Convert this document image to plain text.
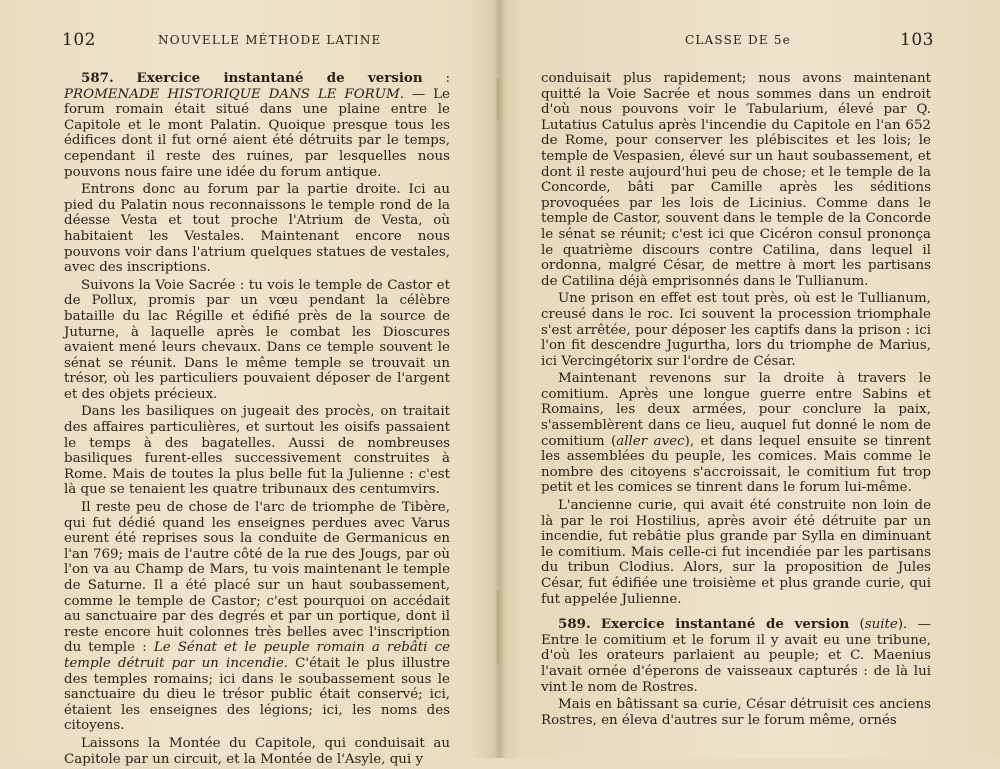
102	NOUVELLE MÉTHODE LATINE

587. Exercice instantané de version : PROMENADE HISTORIQUE DANS LE FORUM. — Le forum romain était situé dans une plaine entre le Capitole et le mont Palatin. Quoique presque tous les édifices dont il fut orné aient été détruits par le temps, cependant il reste des ruines, par lesquelles nous pouvons nous faire une idée du forum antique.

Entrons donc au forum par la partie droite. Ici au pied du Palatin nous reconnaissons le temple rond de la déesse Vesta et tout proche l'Atrium de Vesta, où habitaient les Vestales. Maintenant encore nous pouvons voir dans l'atrium quelques statues de vestales, avec des inscriptions.

Suivons la Voie Sacrée : tu vois le temple de Castor et de Pollux, promis par un vœu pendant la célèbre bataille du lac Régille et édifié près de la source de Juturne, à laquelle après le combat les Dioscures avaient mené leurs chevaux. Dans ce temple souvent le sénat se réunit. Dans le même temple se trouvait un trésor, où les particuliers pouvaient déposer de l'argent et des objets précieux.

Dans les basiliques on jugeait des procès, on traitait des affaires particulières, et surtout les oisifs passaient le temps à des bagatelles. Aussi de nombreuses basiliques furent-elles successivement construites à Rome. Mais de toutes la plus belle fut la Julienne : c'est là que se tenaient les quatre tribunaux des centumvirs.

Il reste peu de chose de l'arc de triomphe de Tibère, qui fut dédié quand les enseignes perdues avec Varus eurent été reprises sous la conduite de Germanicus en l'an 769; mais de l'autre côté de la rue des Jougs, par où l'on va au Champ de Mars, tu vois maintenant le temple de Saturne. Il a été placé sur un haut soubassement, comme le temple de Castor; c'est pourquoi on accédait au sanctuaire par des degrés et par un portique, dont il reste encore huit colonnes très belles avec l'inscription du temple : Le Sénat et le peuple romain a rebâti ce temple détruit par un incendie. C'était le plus illustre des temples romains; ici dans le soubassement sous le sanctuaire du dieu le trésor public était conservé; ici, étaient les enseignes des légions; ici, les noms des citoyens.

Laissons la Montée du Capitole, qui conduisait au Capitole par un circuit, et la Montée de l'Asyle, qui y

CLASSE DE 5e	103

conduisait plus rapidement; nous avons maintenant quitté la Voie Sacrée et nous sommes dans un endroit d'où nous pouvons voir le Tabularium, élevé par Q. Lutatius Catulus après l'incendie du Capitole en l'an 652 de Rome, pour conserver les plébiscites et les lois; le temple de Vespasien, élevé sur un haut soubassement, et dont il reste aujourd'hui peu de chose; et le temple de la Concorde, bâti par Camille après les séditions provoquées par les lois de Licinius. Comme dans le temple de Castor, souvent dans le temple de la Concorde le sénat se réunit; c'est ici que Cicéron consul prononça le quatrième discours contre Catilina, dans lequel il ordonna, malgré César, de mettre à mort les partisans de Catilina déjà emprisonnés dans le Tullianum.

Une prison en effet est tout près, où est le Tullianum, creusé dans le roc. Ici souvent la procession triomphale s'est arrêtée, pour déposer les captifs dans la prison : ici l'on fit descendre Jugurtha, lors du triomphe de Marius, ici Vercingétorix sur l'ordre de César.

Maintenant revenons sur la droite à travers le comitium. Après une longue guerre entre Sabins et Romains, les deux armées, pour conclure la paix, s'assemblèrent dans ce lieu, auquel fut donné le nom de comitium (aller avec), et dans lequel ensuite se tinrent les assemblées du peuple, les comices. Mais comme le nombre des citoyens s'accroissait, le comitium fut trop petit et les comices se tinrent dans le forum lui-même.

L'ancienne curie, qui avait été construite non loin de là par le roi Hostilius, après avoir été détruite par un incendie, fut rebâtie plus grande par Sylla en diminuant le comitium. Mais celle-ci fut incendiée par les partisans du tribun Clodius. Alors, sur la proposition de Jules César, fut édifiée une troisième et plus grande curie, qui fut appelée Julienne.

589. Exercice instantané de version (suite). — Entre le comitium et le forum il y avait eu une tribune, d'où les orateurs parlaient au peuple; et C. Maenius l'avait ornée d'éperons de vaisseaux capturés : de là lui vint le nom de Rostres.

Mais en bâtissant sa curie, César détruisit ces anciens Rostres, en éleva d'autres sur le forum même, ornés
